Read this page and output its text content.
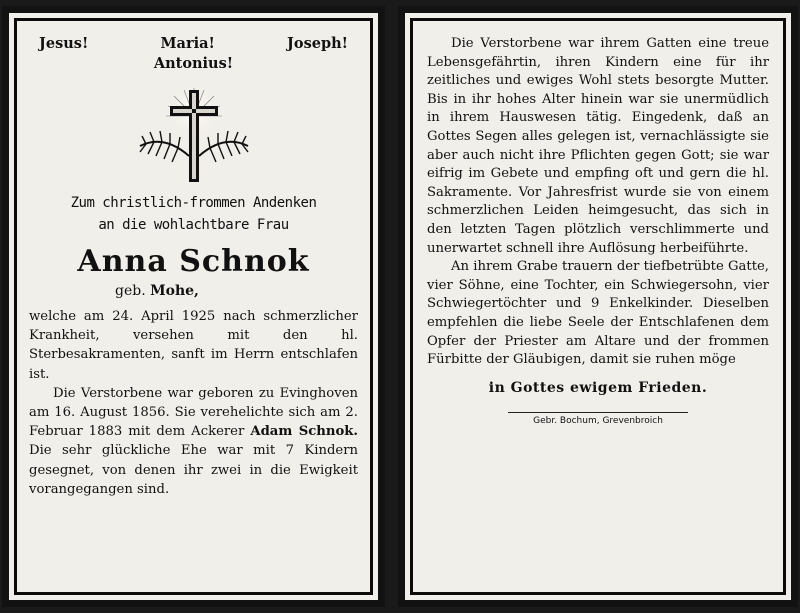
Jesus!	Maria!	Joseph!
Antonius!
Zum christlich-frommen Andenken
an die wohlachtbare Frau
Anna Schnok
geb. Mohe,

welche am 24. April 1925 nach schmerzlicher Krankheit, versehen mit den hl. Sterbesakramenten, sanft im Herrn entschlafen ist.

Die Verstorbene war geboren zu Evinghoven am 16. August 1856. Sie verehelichte sich am 2. Februar 1883 mit dem Ackerer Adam Schnok. Die sehr glückliche Ehe war mit 7 Kindern gesegnet, von denen ihr zwei in die Ewigkeit vorangegangen sind.

Die Verstorbene war ihrem Gatten eine treue Lebensgefährtin, ihren Kindern eine für ihr zeitliches und ewiges Wohl stets besorgte Mutter. Bis in ihr hohes Alter hinein war sie unermüdlich in ihrem Hauswesen tätig. Eingedenk, daß an Gottes Segen alles gelegen ist, vernachlässigte sie aber auch nicht ihre Pflichten gegen Gott; sie war eifrig im Gebete und empfing oft und gern die hl. Sakramente. Vor Jahresfrist wurde sie von einem schmerzlichen Leiden heimgesucht, das sich in den letzten Tagen plötzlich verschlimmerte und unerwartet schnell ihre Auflösung herbeiführte.

An ihrem Grabe trauern der tiefbetrübte Gatte, vier Söhne, eine Tochter, ein Schwiegersohn, vier Schwiegertöchter und 9 Enkelkinder. Dieselben empfehlen die liebe Seele der Entschlafenen dem Opfer der Priester am Altare und der frommen Fürbitte der Gläubigen, damit sie ruhen möge

in Gottes ewigem Frieden.
Gebr. Bochum, Grevenbroich
